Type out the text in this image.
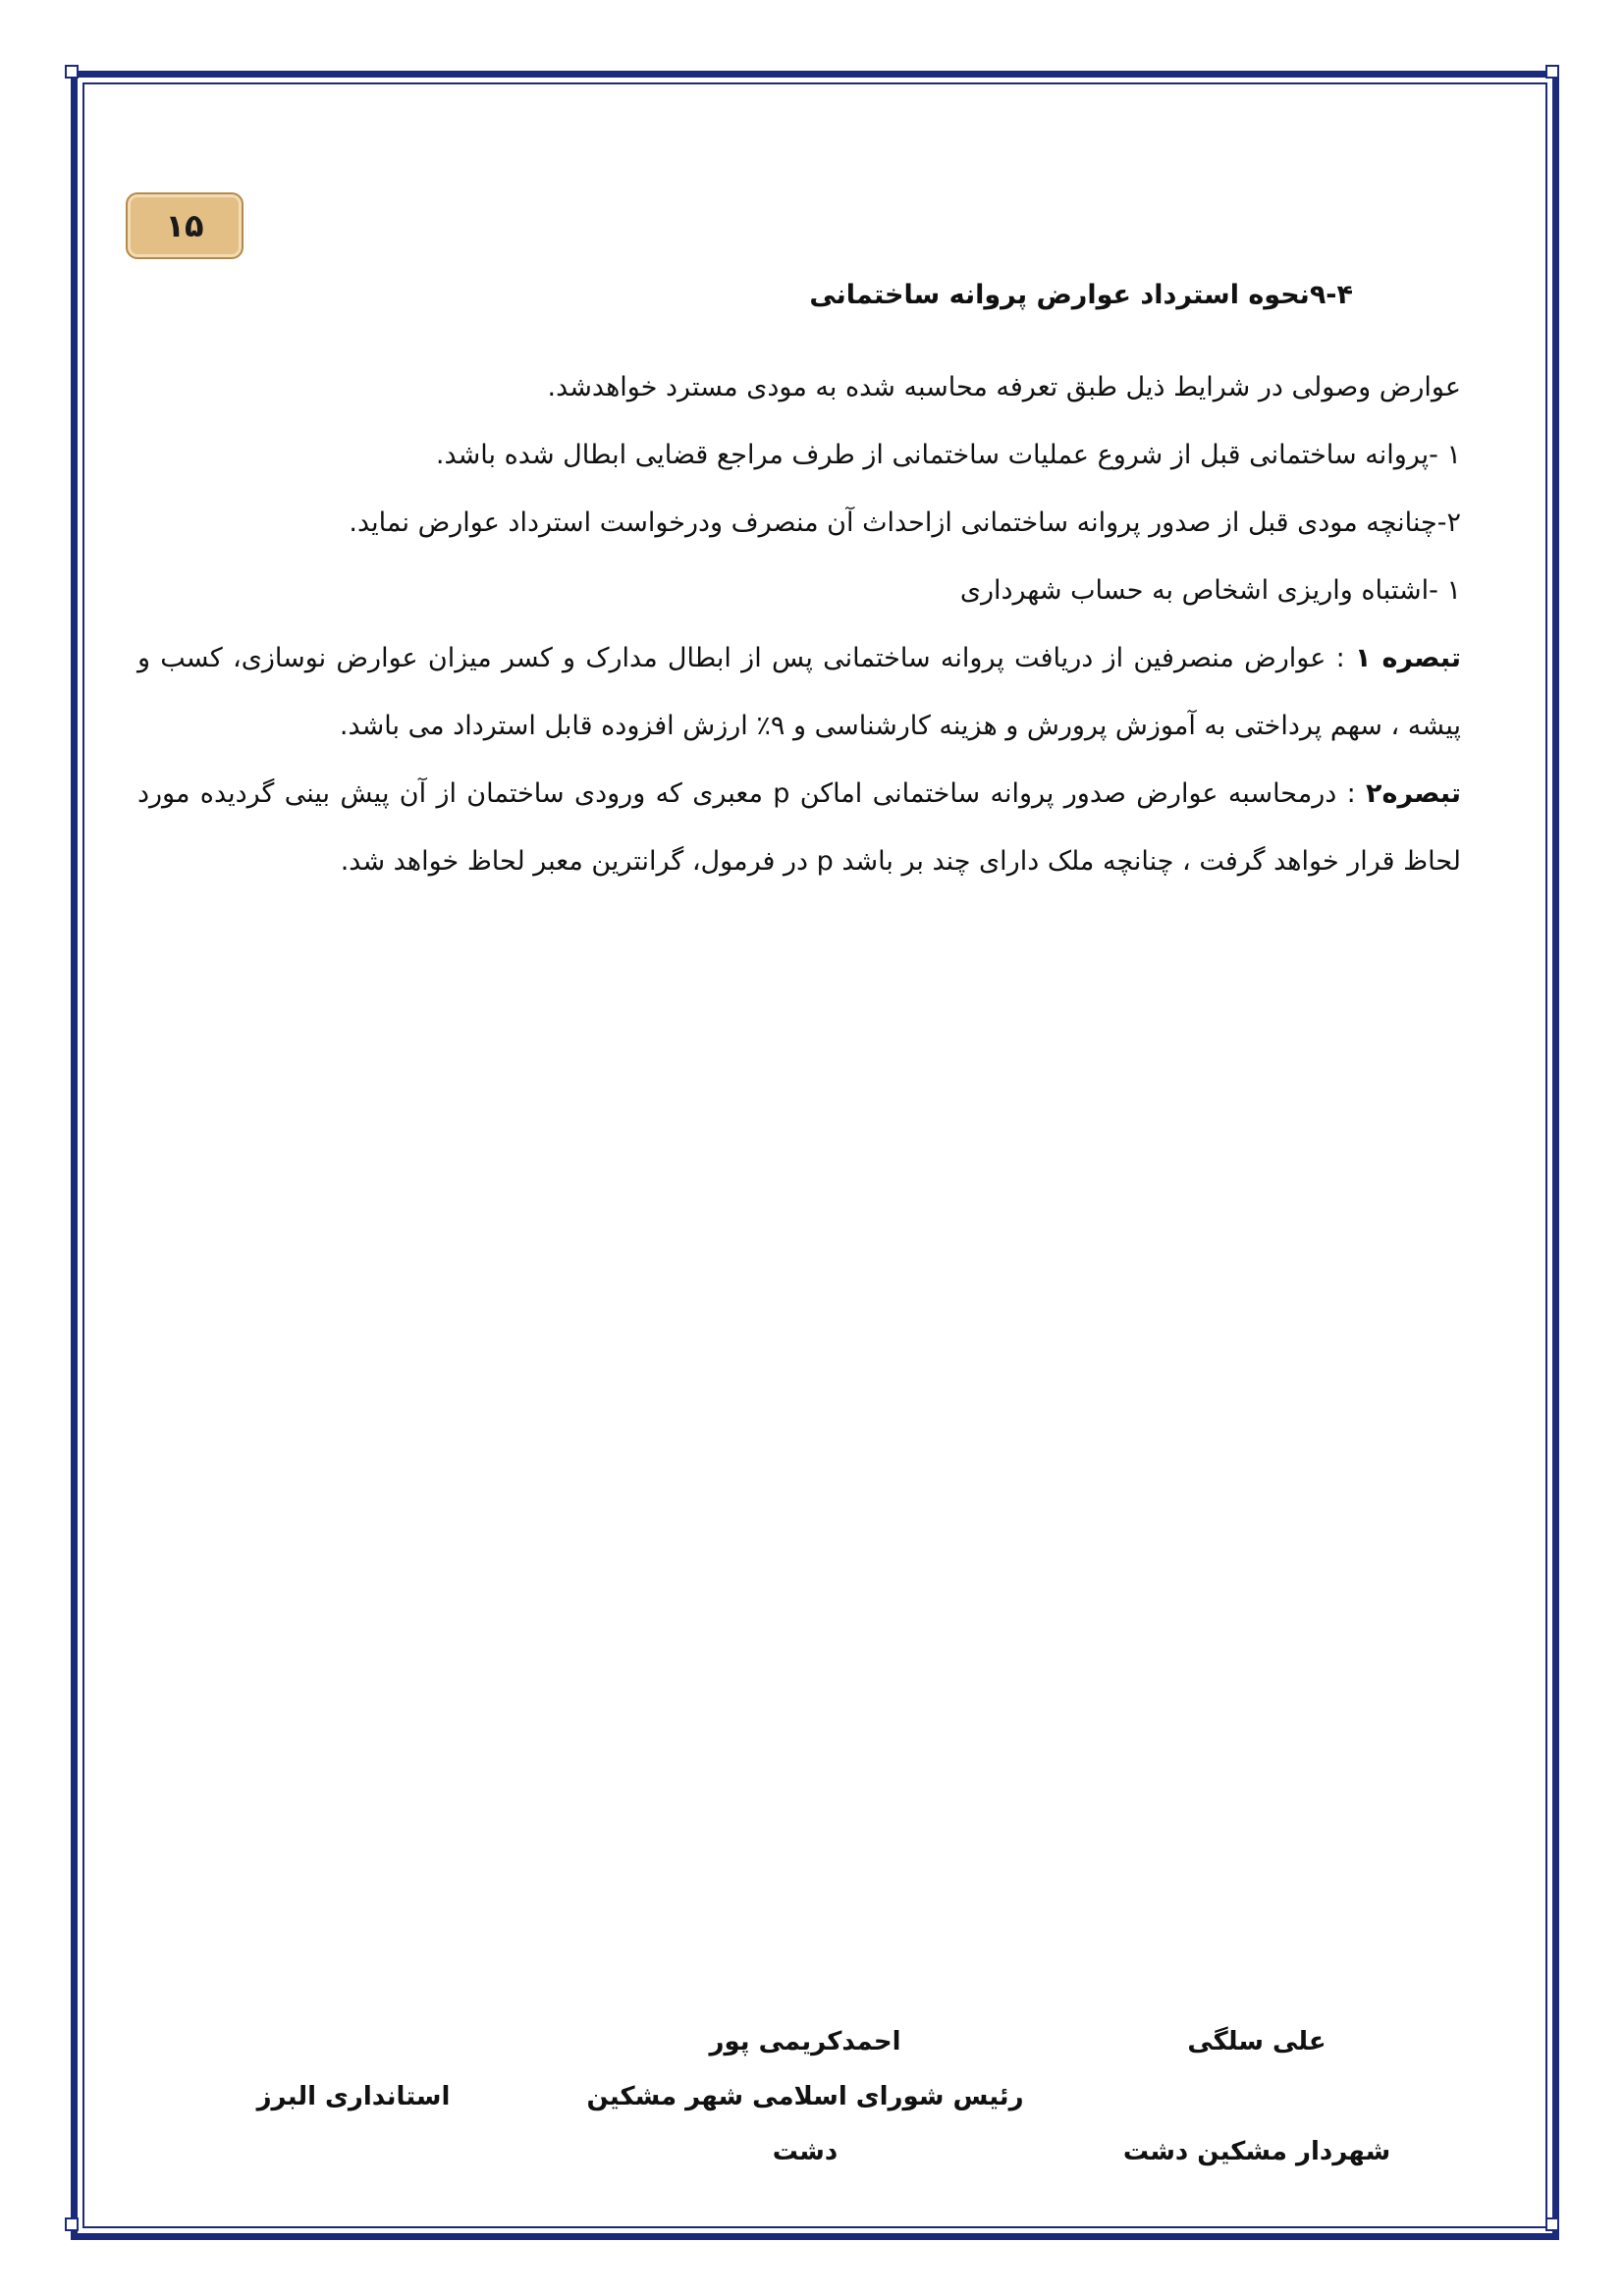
۱۵
۹-۴نحوه استرداد عوارض پروانه ساختمانی

عوارض وصولی در شرایط ذیل طبق تعرفه محاسبه شده به مودی مسترد خواهدشد.

۱ -پروانه ساختمانی قبل از شروع عملیات ساختمانی از طرف مراجع قضایی ابطال شده باشد.

۲-چنانچه مودی قبل از صدور پروانه ساختمانی ازاحداث آن منصرف ودرخواست استرداد عوارض نماید.

۱ -اشتباه واریزی اشخاص به حساب شهرداری

تبصره ۱ : عوارض منصرفین از دریافت پروانه ساختمانی پس از ابطال مدارک و کسر میزان عوارض نوسازی، کسب و پیشه ، سهم پرداختی به آموزش پرورش و هزینه کارشناسی و ۹٪ ارزش افزوده قابل استرداد می باشد.

تبصره۲ : درمحاسبه عوارض صدور پروانه ساختمانی اماکن p معبری که ورودی ساختمان از آن پیش بینی گردیده مورد لحاظ قرار خواهد گرفت ، چنانچه ملک دارای چند بر باشد p در فرمول، گرانترین معبر لحاظ خواهد شد.

علی سلگی
شهردار مشکین دشت
احمدکریمی پور
رئیس شورای اسلامی شهر مشکین
دشت
استانداری البرز
